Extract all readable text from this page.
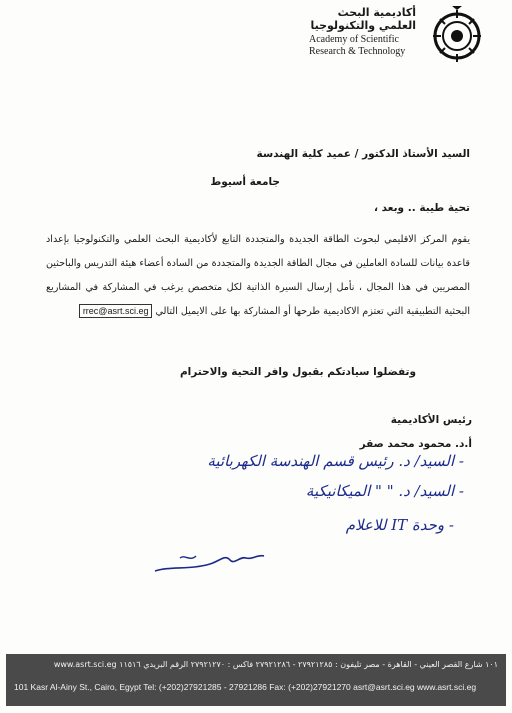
أكاديمية البحث
العلمي والتكنولوجيا
Academy of Scientific
Research & Technology
السيد الأستاذ الدكتور / عميد كلية الهندسة
جامعة أسيوط
تحية طيبة .. وبعد ،
يقوم المركز الاقليمي لبحوث الطاقة الجديدة والمتجددة التابع لأكاديمية البحث العلمي والتكنولوجيا بإعداد قاعدة بيانات للسادة العاملين في مجال الطاقة الجديدة والمتجددة من السادة أعضاء هيئة التدريس والباحثين المصريين في هذا المجال ، نأمل إرسال السيرة الذاتية لكل متخصص يرغب في المشاركة في المشاريع البحثية التطبيقية التي تعتزم الاكاديمية طرحها أو المشاركة بها على الايميل التالي rrec@asrt.sci.eg
وتفضلوا سيادتكم بقبول وافر التحية والاحترام
رئيس الأكاديمية
أ.د. محمود محمد صقر
- السيد/ د. رئيس قسم الهندسة الكهربائية
- السيد/ د. " " الميكانيكية
- وحدة IT للاعلام
١٠١ شارع القصر العيني - القاهرة - مصر تليفون : ٢٧٩٢١٢٨٥ - ٢٧٩٢١٢٨٦ فاكس : ٢٧٩٢١٢٧٠ الرقم البريدي ١١٥١٦ www.asrt.sci.eg
101 Kasr Al-Ainy St., Cairo, Egypt Tel: (+202)27921285 - 27921286 Fax: (+202)27921270 asrt@asrt.sci.eg www.asrt.sci.eg
